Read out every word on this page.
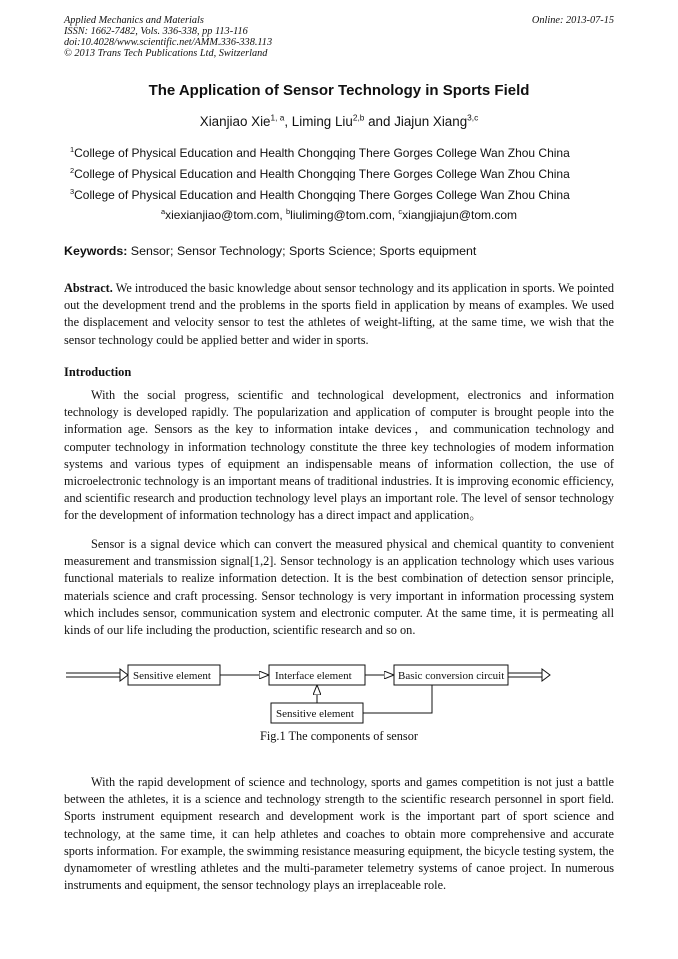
Applied Mechanics and Materials
ISSN: 1662-7482, Vols. 336-338, pp 113-116
doi:10.4028/www.scientific.net/AMM.336-338.113
© 2013 Trans Tech Publications Ltd, Switzerland
Online: 2013-07-15
The Application of Sensor Technology in Sports Field
Xianjiao Xie$^{1, a}$, Liming Liu$^{2,b}$ and Jiajun Xiang$^{3,c}$
$^1$College of Physical Education and Health Chongqing There Gorges College Wan Zhou China
$^2$College of Physical Education and Health Chongqing There Gorges College Wan Zhou China
$^3$College of Physical Education and Health Chongqing There Gorges College Wan Zhou China
$^a$xiexianjiao@tom.com, $^b$liuliming@tom.com, $^c$xiangjiajun@tom.com
Keywords: Sensor; Sensor Technology; Sports Science; Sports equipment
Abstract. We introduced the basic knowledge about sensor technology and its application in sports. We pointed out the development trend and the problems in the sports field in application by means of examples. We used the displacement and velocity sensor to test the athletes of weight-lifting, at the same time, we wish that the sensor technology could be applied better and wider in sports.
Introduction
With the social progress, scientific and technological development, electronics and information technology is developed rapidly. The popularization and application of computer is brought people into the information age. Sensors as the key to information intake devices，and communication technology and computer technology in information technology constitute the three key technologies of modem information systems and various types of equipment an indispensable means of information collection, the use of microelectronic technology is an important means of traditional industries. It is improving economic efficiency, and scientific research and production technology level plays an important role. The level of sensor technology for the development of information technology has a direct impact and application。
Sensor is a signal device which can convert the measured physical and chemical quantity to convenient measurement and transmission signal[1,2]. Sensor technology is an application technology which uses various functional materials to realize information detection. It is the best combination of detection sensor principle, materials science and craft processing. Sensor technology is very important in information processing system which includes sensor, communication system and electronic computer. At the same time, it is permeating all kinds of our life including the production, scientific research and so on.
Sensitive element	Interface element	Basic conversion circuit
Sensitive element
Fig.1 The components of sensor
With the rapid development of science and technology, sports and games competition is not just a battle between the athletes, it is a science and technology strength to the scientific research personnel in sport field. Sports instrument equipment research and development work is the important part of sport science and technology, at the same time, it can help athletes and coaches to obtain more comprehensive and accurate sports information. For example, the swimming resistance measuring equipment, the bicycle testing system, the dynamometer of wrestling athletes and the multi-parameter telemetry systems of canoe project. In numerous instruments and equipment, the sensor technology plays an irreplaceable role.
